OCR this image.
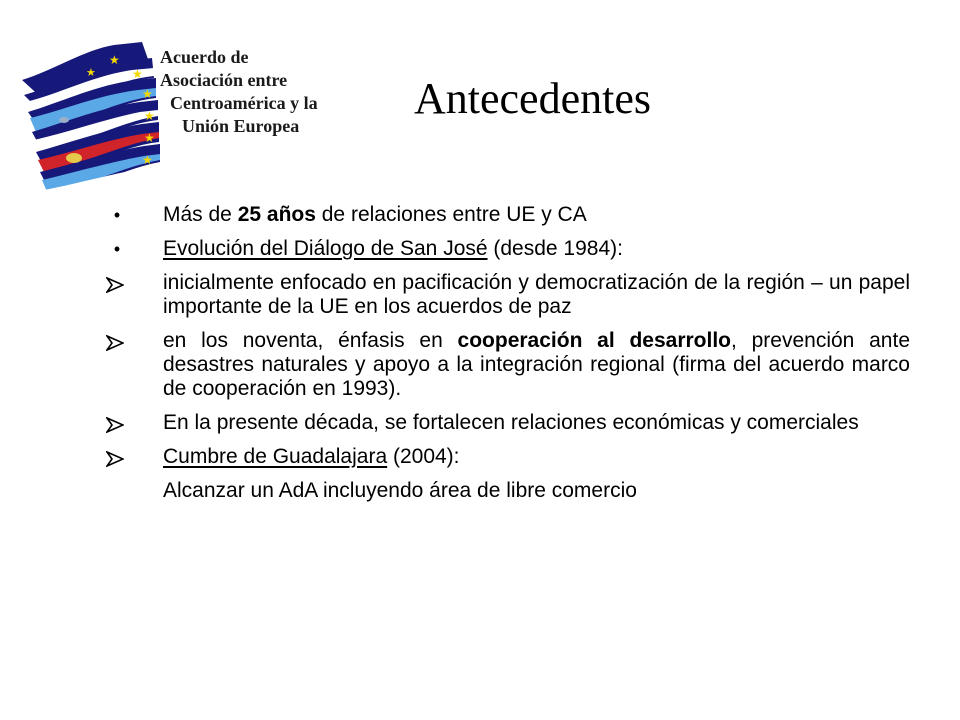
★
★
★
★
★
★
★
Acuerdo de
Asociación entre
Centroamérica y la
Unión Europea
Antecedentes
•	Más de 25 años de relaciones entre UE y CA
•	Evolución del Diálogo de San José (desde 1984):
inicialmente enfocado en pacificación y democratización de la región – un papel importante de la UE en los acuerdos de paz
en los noventa, énfasis en cooperación al desarrollo, prevención ante desastres naturales y apoyo a la integración regional (firma del acuerdo marco de cooperación en 1993).
En la presente década, se fortalecen relaciones económicas y comerciales
Cumbre de Guadalajara (2004):
Alcanzar un AdA incluyendo área de libre comercio
